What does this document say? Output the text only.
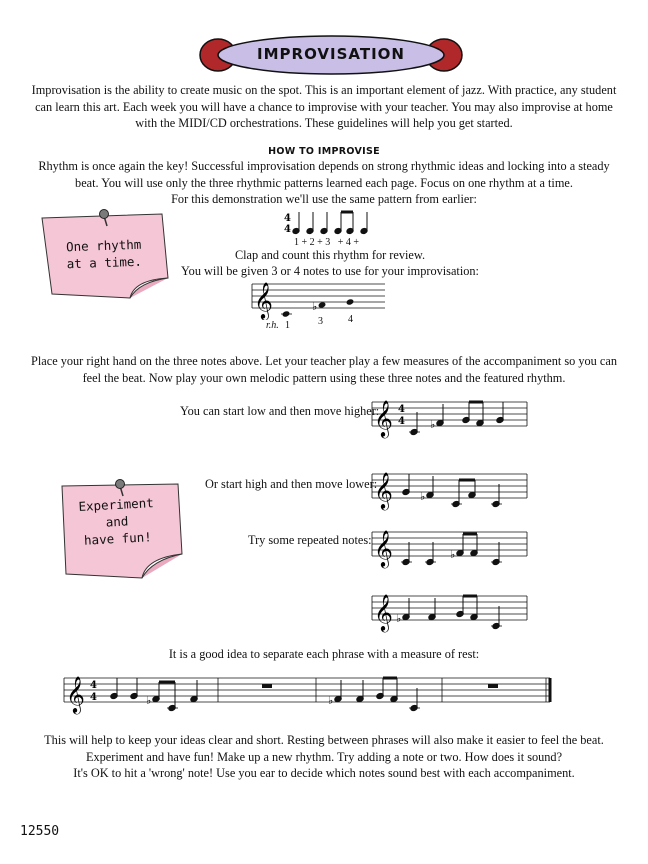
IMPROVISATION
Improvisation is the ability to create music on the spot. This is an important element of jazz. With practice, any student
can learn this art. Each week you will have a chance to improvise with your teacher. You may also improvise at home
with the MIDI/CD orchestrations. These guidelines will help you get started.
HOW TO IMPROVISE
Rhythm is once again the key! Successful improvisation depends on strong rhythmic ideas and locking into a steady
beat. You will use only the three rhythmic patterns learned each page. Focus on one rhythm at a time.
For this demonstration we'll use the same pattern from earlier:
One rhythm
at a time.
4
4
1 + 2 + 3   + 4 +
Clap and count this rhythm for review.
You will be given 3 or 4 notes to use for your improvisation:
𝄞	♭
r.h. 1	3	4
Place your right hand on the three notes above. Let your teacher play a few measures of the accompaniment so you can
feel the beat. Now play your own melodic pattern using these three notes and the featured rhythm.
You can start low and then move higher:
Or start high and then move lower:
Try some repeated notes:
𝄞 4
4 ♭
Experiment
and
have fun!
𝄞 ♭
𝄞	♭
𝄞 ♭
It is a good idea to separate each phrase with a measure of rest:
𝄞 4
4	♭	♭
This will help to keep your ideas clear and short. Resting between phrases will also make it easier to feel the beat.
Experiment and have fun! Make up a new rhythm. Try adding a note or two. How does it sound?
It's OK to hit a 'wrong' note! Use you ear to decide which notes sound best with each accompaniment.
12550
